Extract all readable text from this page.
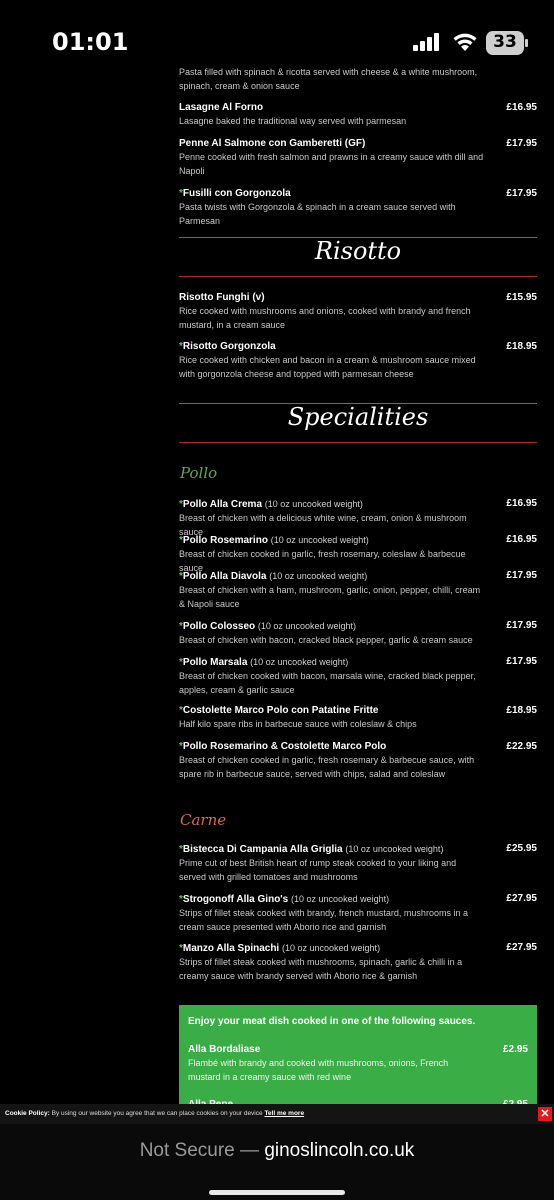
01:01	33
Pasta filled with spinach & ricotta served with cheese & a white mushroom, spinach, cream & onion sauce
Lasagne Al Forno
Lasagne baked the traditional way served with parmesan
£16.95
Penne Al Salmone con Gamberetti (GF)
Penne cooked with fresh salmon and prawns in a creamy sauce with dill and Napoli
£17.95
*Fusilli con Gorgonzola
Pasta twists with Gorgonzola & spinach in a cream sauce served with Parmesan
£17.95
Risotto
Risotto Funghi (v)
Rice cooked with mushrooms and onions, cooked with brandy and french mustard, in a cream sauce
£15.95
*Risotto Gorgonzola
Rice cooked with chicken and bacon in a cream & mushroom sauce mixed with gorgonzola cheese and topped with parmesan cheese
£18.95
Specialities
Pollo
*Pollo Alla Crema (10 oz uncooked weight)
Breast of chicken with a delicious white wine, cream, onion & mushroom sauce
£16.95
*Pollo Rosemarino (10 oz uncooked weight)
Breast of chicken cooked in garlic, fresh rosemary, coleslaw & barbecue sauce
£16.95
*Pollo Alla Diavola (10 oz uncooked weight)
Breast of chicken with a ham, mushroom, garlic, onion, pepper, chilli, cream & Napoli sauce
£17.95
*Pollo Colosseo (10 oz uncooked weight)
Breast of chicken with bacon, cracked black pepper, garlic & cream sauce
£17.95
*Pollo Marsala (10 oz uncooked weight)
Breast of chicken cooked with bacon, marsala wine, cracked black pepper, apples, cream & garlic sauce
£17.95
*Costolette Marco Polo con Patatine Fritte
Half kilo spare ribs in barbecue sauce with coleslaw & chips
£18.95
*Pollo Rosemarino & Costolette Marco Polo
Breast of chicken cooked in garlic, fresh rosemary & barbecue sauce, with spare rib in barbecue sauce, served with chips, salad and coleslaw
£22.95
Carne
*Bistecca Di Campania Alla Griglia (10 oz uncooked weight)
Prime cut of best British heart of rump steak cooked to your liking and served with grilled tomatoes and mushrooms
£25.95
*Strogonoff Alla Gino's (10 oz uncooked weight)
Strips of fillet steak cooked with brandy, french mustard, mushrooms in a cream sauce presented with Aborio rice and garnish
£27.95
*Manzo Alla Spinachi (10 oz uncooked weight)
Strips of fillet steak cooked with mushrooms, spinach, garlic & chilli in a creamy sauce with brandy served with Aborio rice & garnish
£27.95
Enjoy your meat dish cooked in one of the following sauces.
Alla Bordaliase	£2.95
Flambé with brandy and cooked with mushrooms, onions, French mustard in a creamy sauce with red wine
Cookie Policy: By using our website you agree that we can place cookies on your device Tell me more	✕
Not Secure — ginoslincoln.co.uk
